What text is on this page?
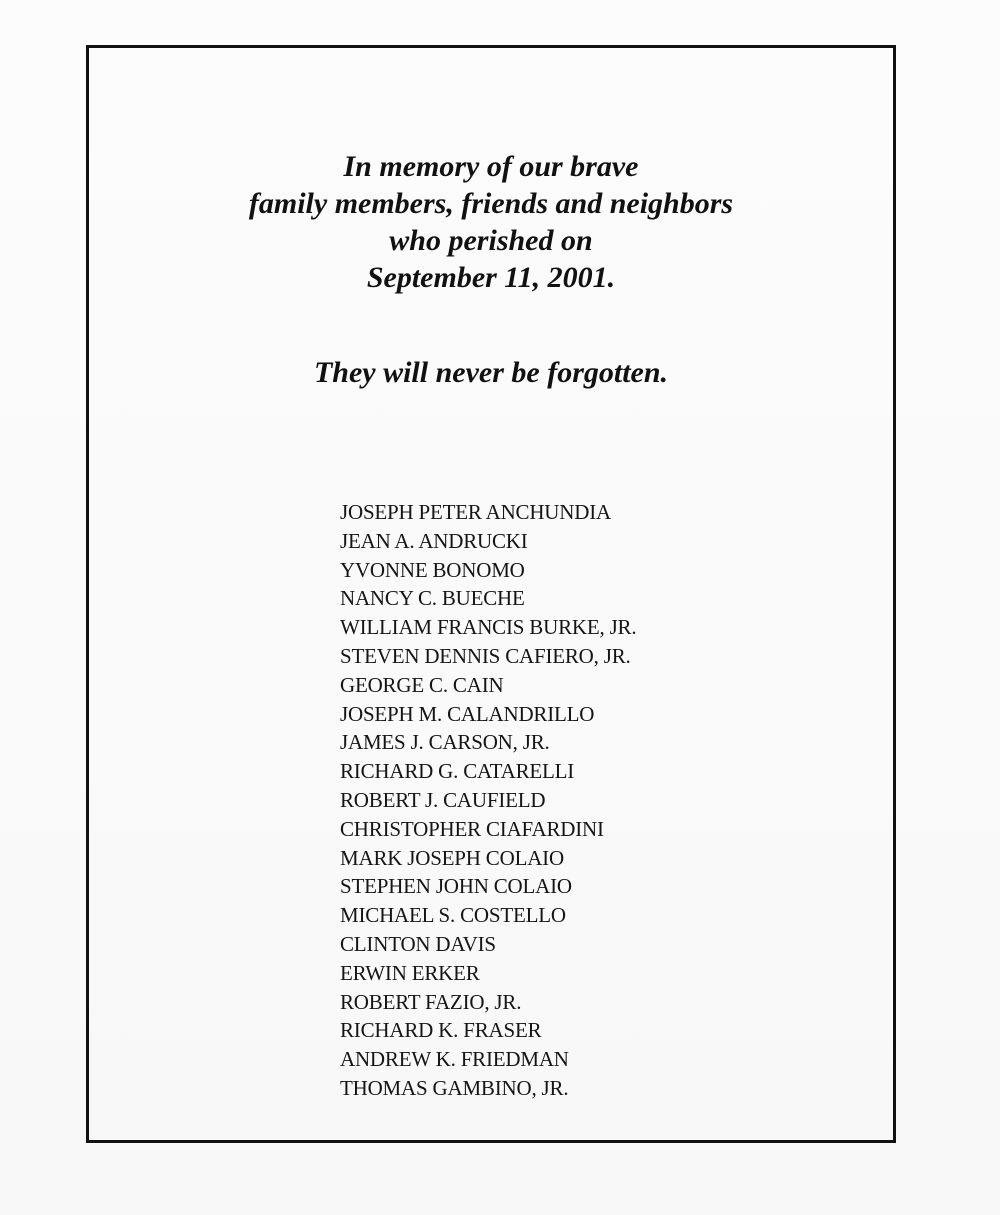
In memory of our brave
family members, friends and neighbors
who perished on
September 11, 2001.
They will never be forgotten.
JOSEPH PETER ANCHUNDIA
JEAN A. ANDRUCKI
YVONNE BONOMO
NANCY C. BUECHE
WILLIAM FRANCIS BURKE, JR.
STEVEN DENNIS CAFIERO, JR.
GEORGE C. CAIN
JOSEPH M. CALANDRILLO
JAMES J. CARSON, JR.
RICHARD G. CATARELLI
ROBERT J. CAUFIELD
CHRISTOPHER CIAFARDINI
MARK JOSEPH COLAIO
STEPHEN JOHN COLAIO
MICHAEL S. COSTELLO
CLINTON DAVIS
ERWIN ERKER
ROBERT FAZIO, JR.
RICHARD K. FRASER
ANDREW K. FRIEDMAN
THOMAS GAMBINO, JR.
